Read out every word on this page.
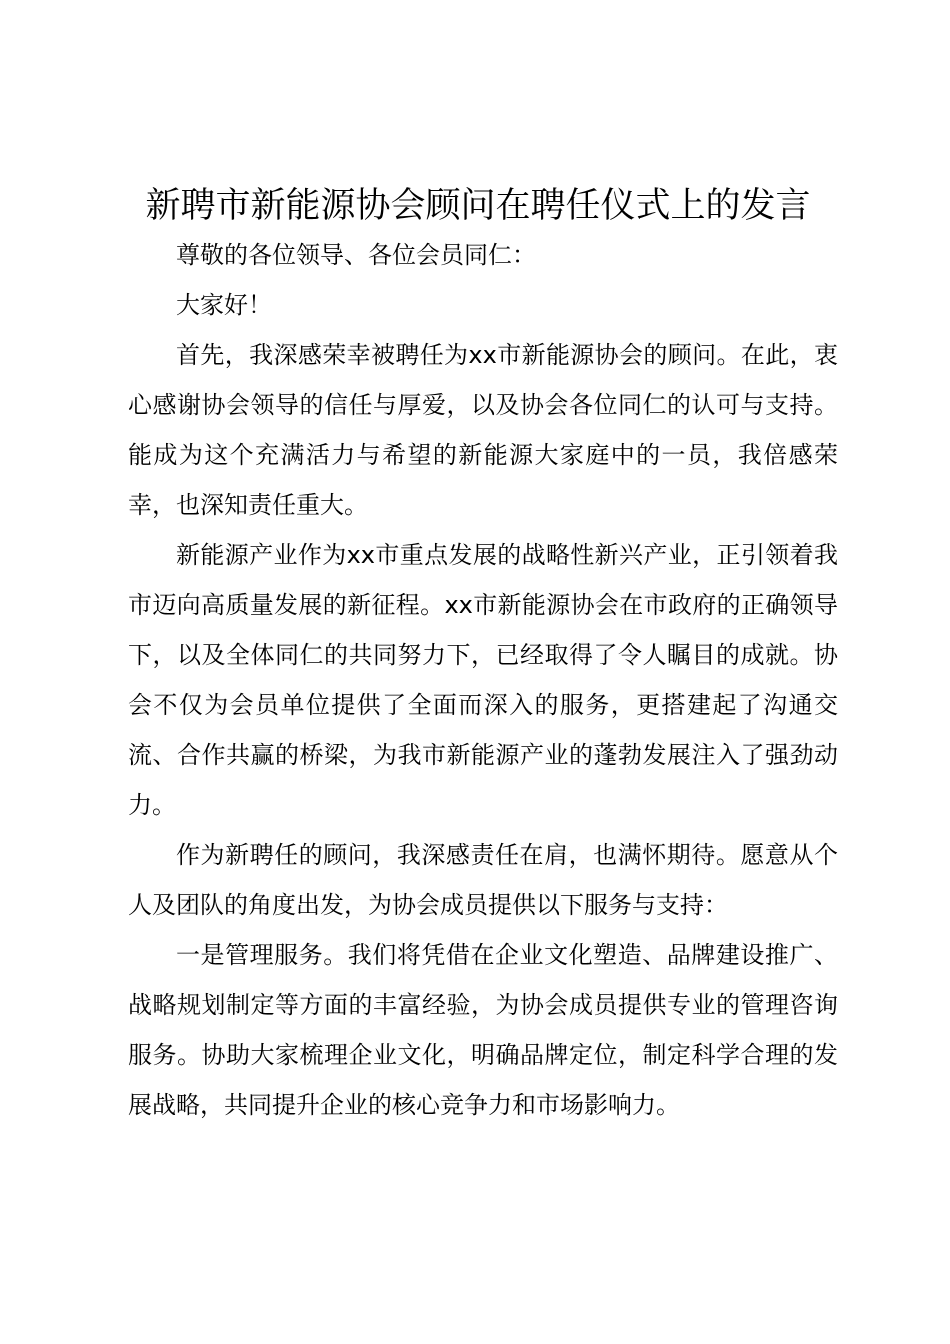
新聘市新能源协会顾问在聘任仪式上的发言

尊敬的各位领导、各位会员同仁：

大家好！

首先，我深感荣幸被聘任为xx市新能源协会的顾问。在此，衷心感谢协会领导的信任与厚爱，以及协会各位同仁的认可与支持。能成为这个充满活力与希望的新能源大家庭中的一员，我倍感荣幸，也深知责任重大。

新能源产业作为xx市重点发展的战略性新兴产业，正引领着我市迈向高质量发展的新征程。xx市新能源协会在市政府的正确领导下，以及全体同仁的共同努力下，已经取得了令人瞩目的成就。协会不仅为会员单位提供了全面而深入的服务，更搭建起了沟通交流、合作共赢的桥梁，为我市新能源产业的蓬勃发展注入了强劲动力。

作为新聘任的顾问，我深感责任在肩，也满怀期待。愿意从个人及团队的角度出发，为协会成员提供以下服务与支持：

一是管理服务。我们将凭借在企业文化塑造、品牌建设推广、战略规划制定等方面的丰富经验，为协会成员提供专业的管理咨询服务。协助大家梳理企业文化，明确品牌定位，制定科学合理的发展战略，共同提升企业的核心竞争力和市场影响力。
